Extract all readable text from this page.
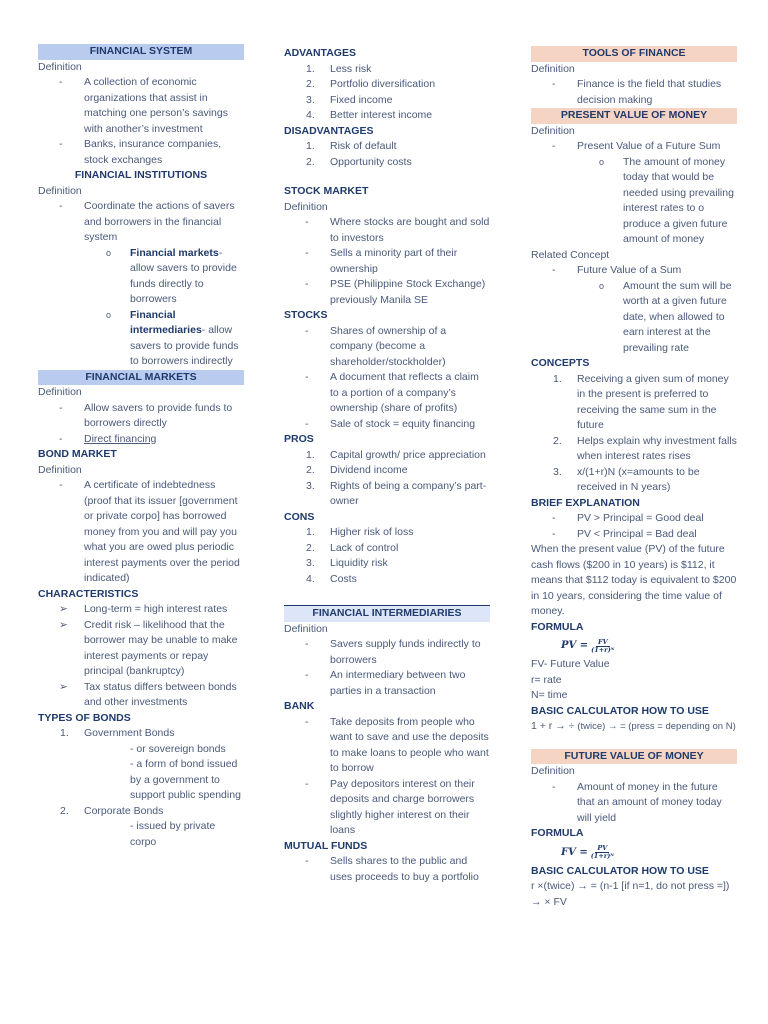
FINANCIAL SYSTEM
Definition
- A collection of economic organizations that assist in matching one person’s savings with another’s investment
- Banks, insurance companies, stock exchanges
FINANCIAL INSTITUTIONS
Definition
- Coordinate the actions of savers and borrowers in the financial system
o Financial markets- allow savers to provide funds directly to borrowers
o Financial intermediaries- allow savers to provide funds to borrowers indirectly
FINANCIAL MARKETS
Definition
- Allow savers to provide funds to borrowers directly
- Direct financing
BOND MARKET
Definition
- A certificate of indebtedness (proof that its issuer [government or private corpo] has borrowed money from you and will pay you what you are owed plus periodic interest payments over the period indicated)
CHARACTERISTICS
➢ Long-term = high interest rates
➢ Credit risk – likelihood that the borrower may be unable to make interest payments or repay principal (bankruptcy)
➢ Tax status differs between bonds and other investments
TYPES OF BONDS
1. Government Bonds
- or sovereign bonds
- a form of bond issued by a government to support public spending
2. Corporate Bonds
- issued by private corpo
ADVANTAGES
1. Less risk
2. Portfolio diversification
3. Fixed income
4. Better interest income
DISADVANTAGES
1. Risk of default
2. Opportunity costs
STOCK MARKET
Definition
- Where stocks are bought and sold to investors
- Sells a minority part of their ownership
- PSE (Philippine Stock Exchange) previously Manila SE
STOCKS
- Shares of ownership of a company (become a shareholder/stockholder)
- A document that reflects a claim to a portion of a company’s ownership (share of profits)
- Sale of stock = equity financing
PROS
1. Capital growth/ price appreciation
2. Dividend income
3. Rights of being a company’s part-owner
CONS
1. Higher risk of loss
2. Lack of control
3. Liquidity risk
4. Costs
FINANCIAL INTERMEDIARIES
Definition
- Savers supply funds indirectly to borrowers
- An intermediary between two parties in a transaction
BANK
- Take deposits from people who want to save and use the deposits to make loans to people who want to borrow
- Pay depositors interest on their deposits and charge borrowers slightly higher interest on their loans
MUTUAL FUNDS
- Sells shares to the public and uses proceeds to buy a portfolio
TOOLS OF FINANCE
Definition
- Finance is the field that studies decision making
PRESENT VALUE OF MONEY
Definition
- Present Value of a Future Sum
o The amount of money today that would be needed using prevailing interest rates to o produce a given future amount of money
Related Concept
- Future Value of a Sum
o Amount the sum will be worth at a given future date, when allowed to earn interest at the prevailing rate
CONCEPTS
1. Receiving a given sum of money in the present is preferred to receiving the same sum in the future
2. Helps explain why investment falls when interest rates rises
3. x/(1+r)N (x=amounts to be received in N years)
BRIEF EXPLANATION
- PV > Principal = Good deal
- PV < Principal = Bad deal
When the present value (PV) of the future cash flows ($200 in 10 years) is $112, it means that $112 today is equivalent to $200 in 10 years, considering the time value of money.
FORMULA
PV = $\frac{FV}{\text{(1+r)ᴺ}}$
FV- Future Value
r= rate
N= time
BASIC CALCULATOR HOW TO USE
1 + r → ÷ (twice) → = (press = depending on N)
FUTURE VALUE OF MONEY
Definition
- Amount of money in the future that an amount of money today will yield
FORMULA
FV = $\frac{PV}{\text{(1+r)ᴺ}}$
BASIC CALCULATOR HOW TO USE
r ×(twice) → = (n-1 [if n=1, do not press =]) → × FV
